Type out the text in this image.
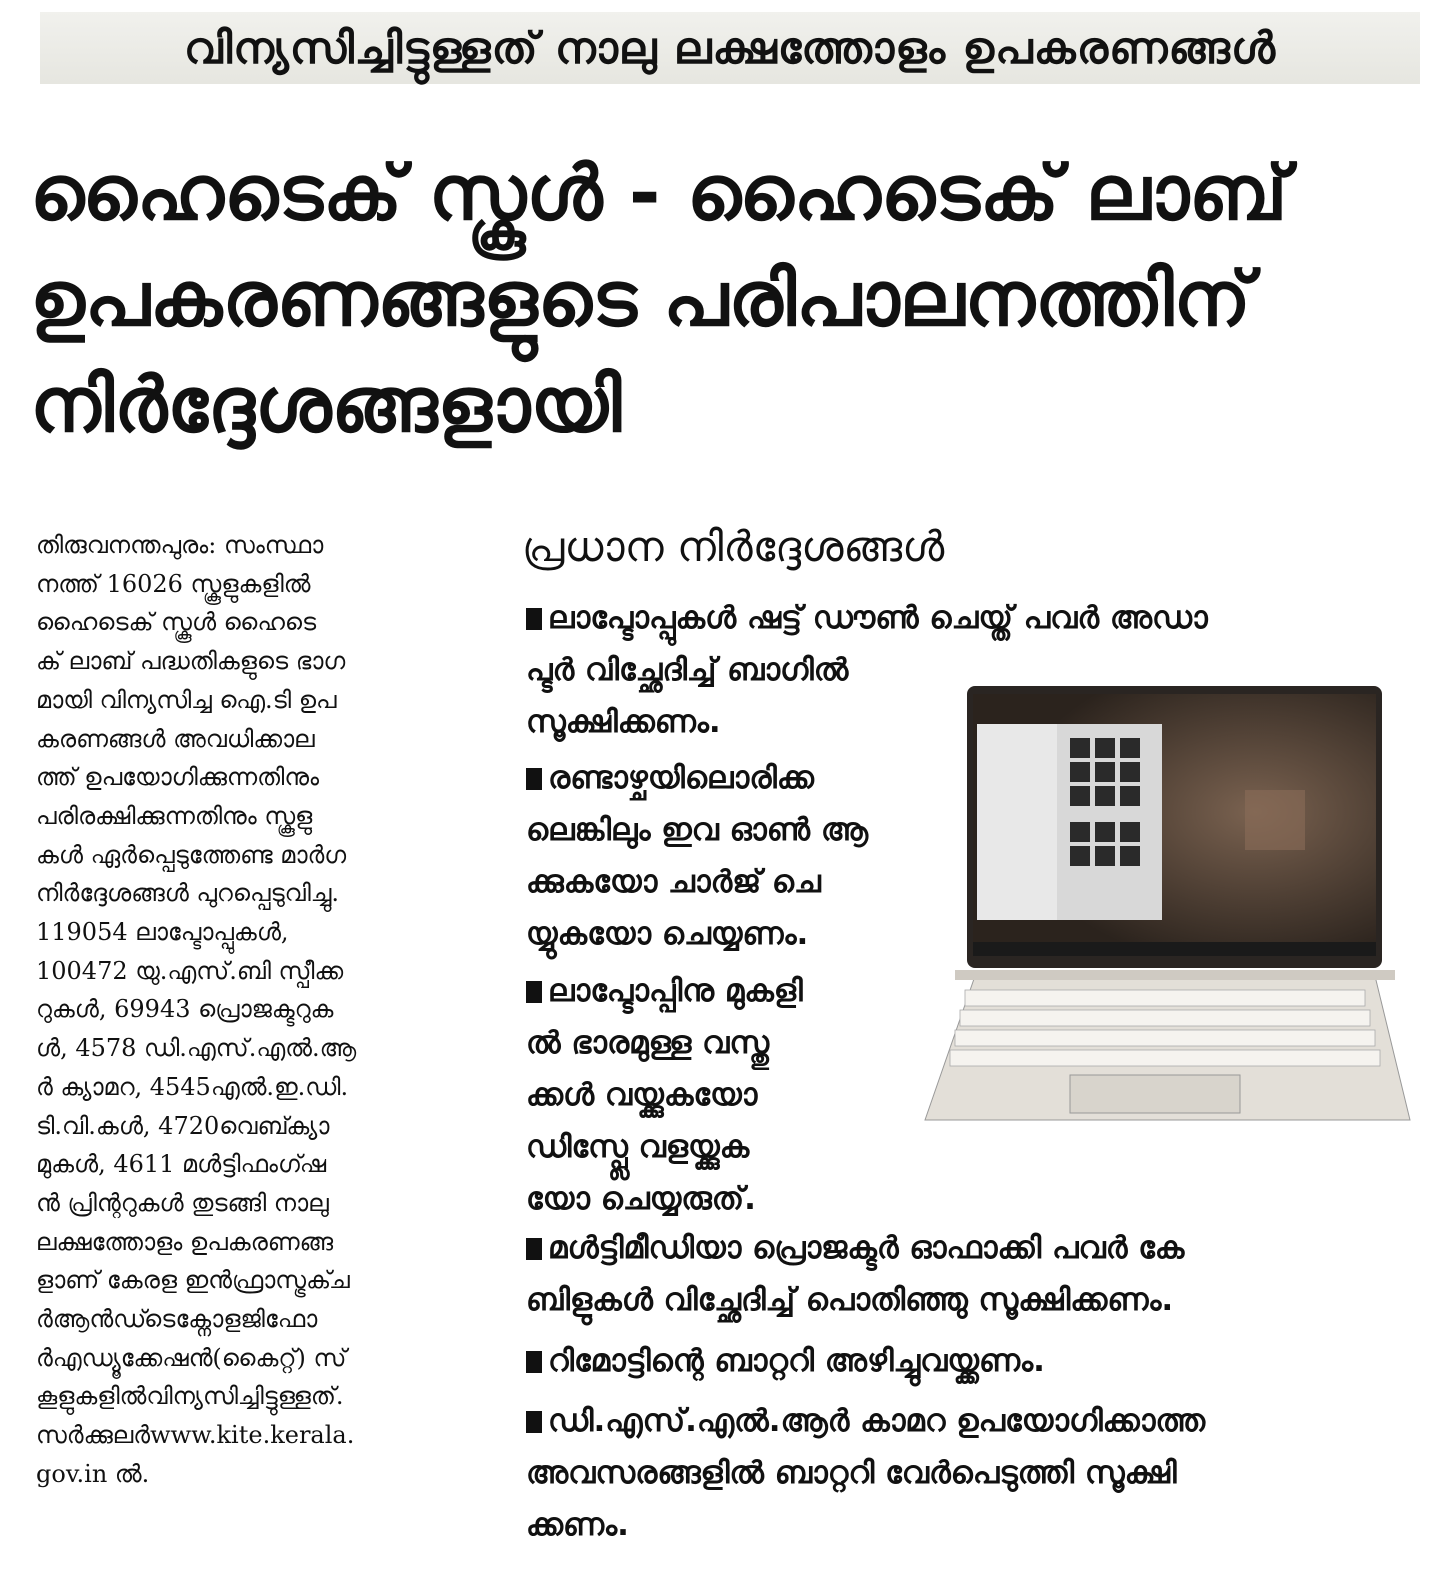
വിന്യസിച്ചിട്ടുള്ളത് നാലു ലക്ഷത്തോളം ഉപകരണങ്ങൾ
ഹൈടെക് സ്കൂൾ - ഹൈടെക് ലാബ്
ഉപകരണങ്ങളുടെ പരിപാലനത്തിന്
നിർദ്ദേശങ്ങളായി
തിരുവനന്തപുരം: സംസ്ഥാ
നത്ത് 16026 സ്കൂളുകളിൽ
ഹൈടെക് സ്കൂൾ ഹൈടെ
ക് ലാബ് പദ്ധതികളുടെ ഭാഗ
മായി വിന്യസിച്ച ഐ.ടി ഉപ
കരണങ്ങൾ അവധിക്കാല
ത്ത് ഉപയോഗിക്കുന്നതിനും
പരിരക്ഷിക്കുന്നതിനും സ്കൂളു
കൾ ഏർപ്പെടുത്തേണ്ട മാർഗ
നിർദ്ദേശങ്ങൾ പുറപ്പെടുവിച്ചു.
119054 ലാപ്ടോപ്പുകൾ,
100472 യു.എസ്.ബി സ്പീക്ക
റുകൾ, 69943 പ്രൊജക്ടറുക
ൾ, 4578 ഡി.എസ്.എൽ.ആ
ർ ക്യാമറ, 4545എൽ.ഇ.ഡി.
ടി.വി.കൾ, 4720വെബ്ക്യാ
മുകൾ, 4611 മൾട്ടിഫംഗ്ഷ
ൻ പ്രിന്ററുകൾ തുടങ്ങി നാലു
ലക്ഷത്തോളം ഉപകരണങ്ങ
ളാണ് കേരള ഇൻഫ്രാസ്ട്രക്ച
ർആൻഡ്ടെക്നോളജിഫോ
ർഎഡ്യൂക്കേഷൻ(കൈറ്റ്) സ്
കൂളുകളിൽവിന്യസിച്ചിട്ടുള്ളത്.
സർക്കുലർwww.kite.kerala.
gov.in ൽ.
പ്രധാന നിർദ്ദേശങ്ങൾ
ലാപ്ടോപ്പുകൾ ഷട്ട് ഡൗൺ ചെയ്ത് പവർ അഡാ
പ്ടർ വിച്ഛേദിച്ച് ബാഗിൽ
സൂക്ഷിക്കണം.
രണ്ടാഴ്ചയിലൊരിക്ക
ലെങ്കിലും ഇവ ഓൺ ആ
ക്കുകയോ ചാർജ് ചെ
യ്യുകയോ ചെയ്യണം.
ലാപ്ടോപ്പിനു മുകളി
ൽ ഭാരമുള്ള വസ്തു
ക്കൾ വയ്ക്കുകയോ
ഡിസ്പ്ലേ വളയ്ക്കുക
യോ ചെയ്യരുത്.
മൾട്ടിമീഡിയാ പ്രൊജക്ടർ ഓഫാക്കി പവർ കേ
ബിളുകൾ വിച്ഛേദിച്ച് പൊതിഞ്ഞു സൂക്ഷിക്കണം.
റിമോട്ടിന്റെ ബാറ്ററി അഴിച്ചുവയ്ക്കണം.
ഡി.എസ്.എൽ.ആർ കാമറ ഉപയോഗിക്കാത്ത
അവസരങ്ങളിൽ ബാറ്ററി വേർപെടുത്തി സൂക്ഷി
ക്കണം.
